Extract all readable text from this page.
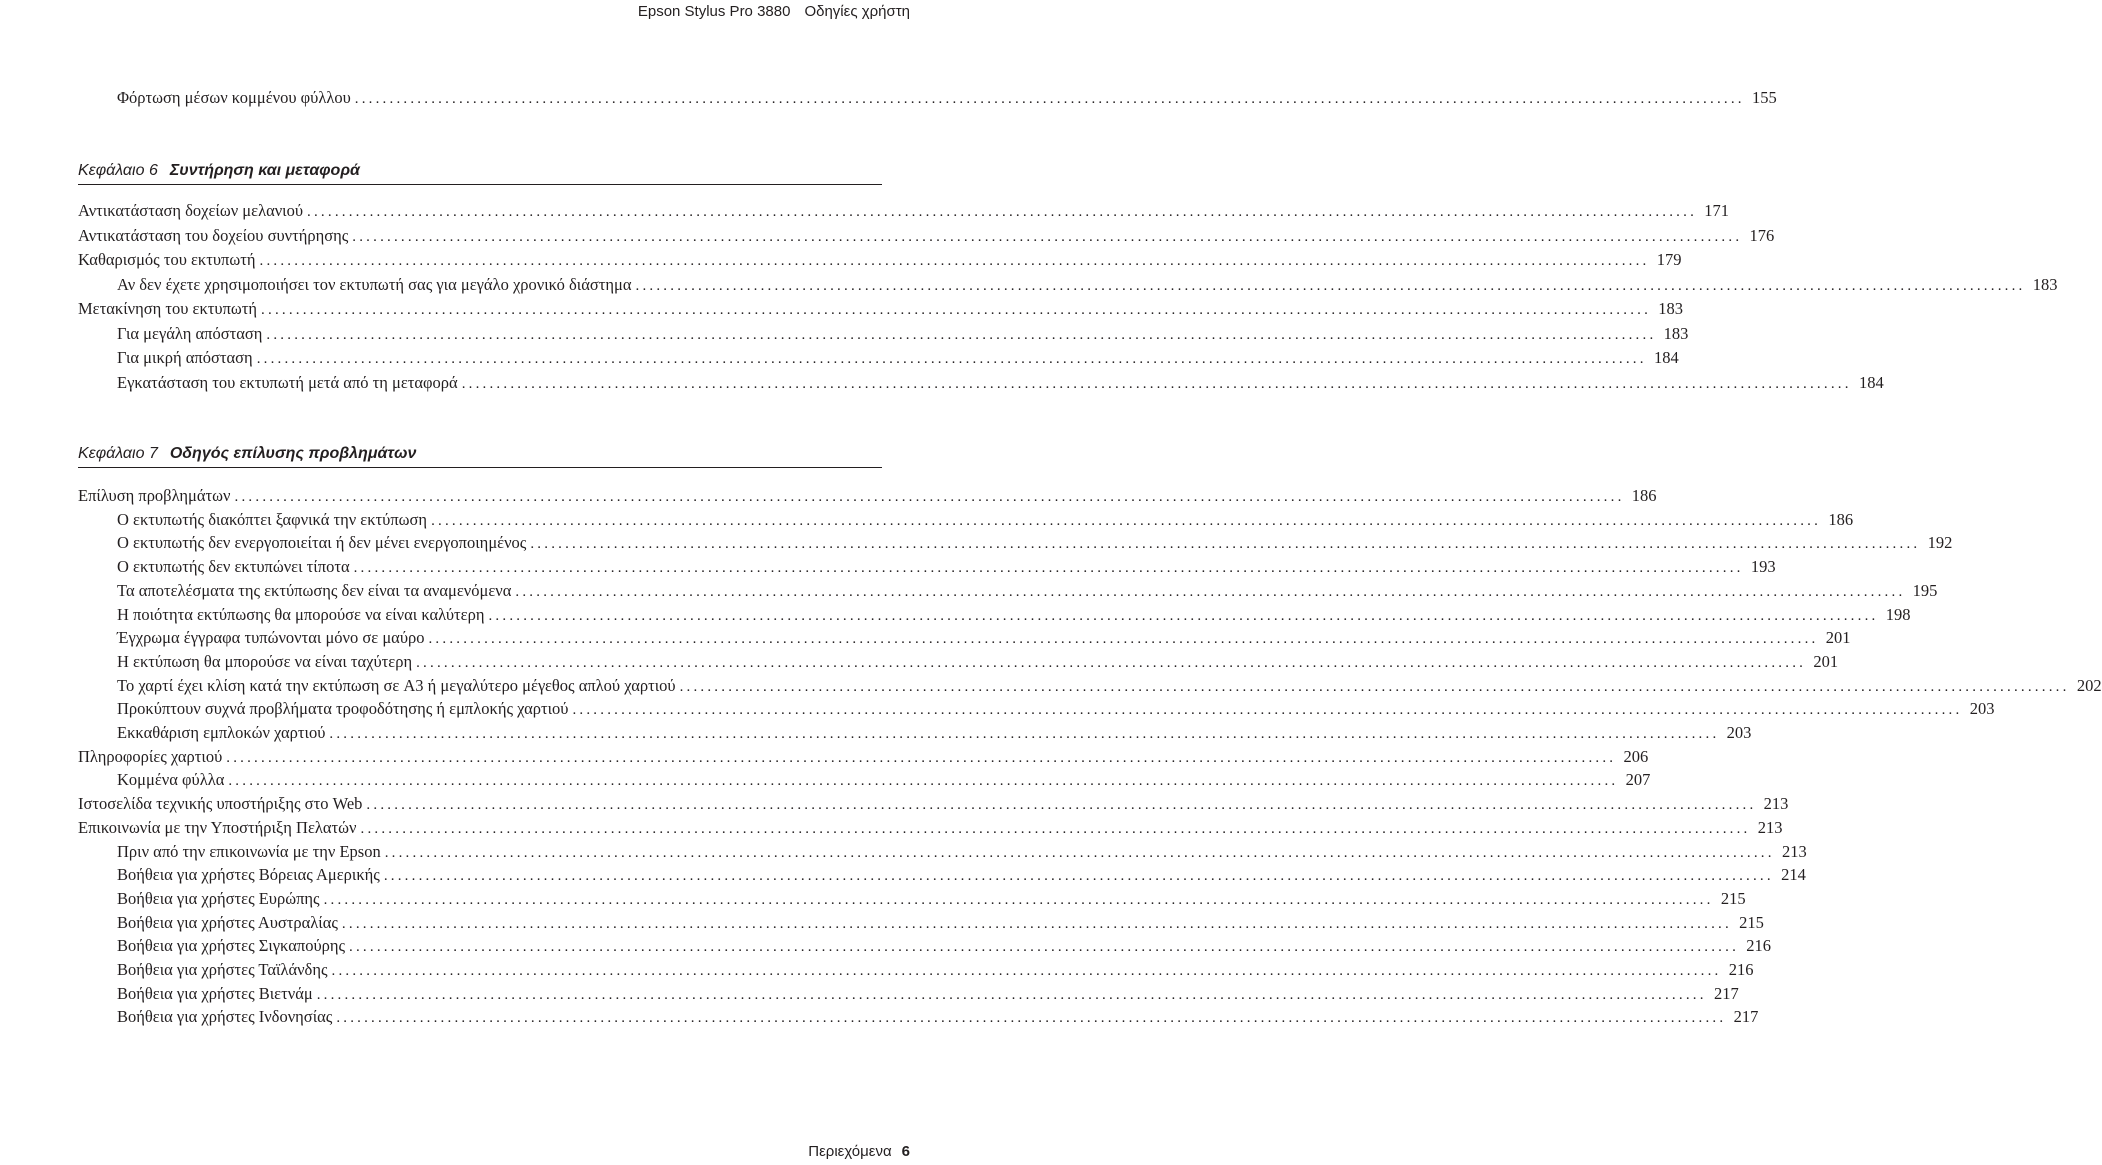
Epson Stylus Pro 3880 Οδηγίες χρήστη
Κεφάλαιο 6 Συντήρηση και μεταφορά
Κεφάλαιο 7 Οδηγός επίλυσης προβλημάτων
Φόρτωση μέσων κομμένου φύλλου ........................................................................................................................................................................................................ 155
Αντικατάσταση δοχείων μελανιού ........................................................................................................................................................................................................ 171
Αντικατάσταση του δοχείου συντήρησης ........................................................................................................................................................................................................ 176
Καθαρισμός του εκτυπωτή ........................................................................................................................................................................................................ 179
Αν δεν έχετε χρησιμοποιήσει τον εκτυπωτή σας για μεγάλο χρονικό διάστημα ........................................................................................................................................................................................................ 183
Μετακίνηση του εκτυπωτή ........................................................................................................................................................................................................ 183
Για μεγάλη απόσταση ........................................................................................................................................................................................................ 183
Για μικρή απόσταση ........................................................................................................................................................................................................ 184
Εγκατάσταση του εκτυπωτή μετά από τη μεταφορά ........................................................................................................................................................................................................ 184
Επίλυση προβλημάτων ........................................................................................................................................................................................................ 186
Ο εκτυπωτής διακόπτει ξαφνικά την εκτύπωση ........................................................................................................................................................................................................ 186
Ο εκτυπωτής δεν ενεργοποιείται ή δεν μένει ενεργοποιημένος ........................................................................................................................................................................................................ 192
Ο εκτυπωτής δεν εκτυπώνει τίποτα ........................................................................................................................................................................................................ 193
Τα αποτελέσματα της εκτύπωσης δεν είναι τα αναμενόμενα ........................................................................................................................................................................................................ 195
Η ποιότητα εκτύπωσης θα μπορούσε να είναι καλύτερη ........................................................................................................................................................................................................ 198
Έγχρωμα έγγραφα τυπώνονται μόνο σε μαύρο ........................................................................................................................................................................................................ 201
Η εκτύπωση θα μπορούσε να είναι ταχύτερη ........................................................................................................................................................................................................ 201
Το χαρτί έχει κλίση κατά την εκτύπωση σε A3 ή μεγαλύτερο μέγεθος απλού χαρτιού ........................................................................................................................................................................................................ 202
Προκύπτουν συχνά προβλήματα τροφοδότησης ή εμπλοκής χαρτιού ........................................................................................................................................................................................................ 203
Εκκαθάριση εμπλοκών χαρτιού ........................................................................................................................................................................................................ 203
Πληροφορίες χαρτιού ........................................................................................................................................................................................................ 206
Κομμένα φύλλα ........................................................................................................................................................................................................ 207
Ιστοσελίδα τεχνικής υποστήριξης στο Web ........................................................................................................................................................................................................ 213
Επικοινωνία με την Υποστήριξη Πελατών ........................................................................................................................................................................................................ 213
Πριν από την επικοινωνία με την Epson ........................................................................................................................................................................................................ 213
Βοήθεια για χρήστες Βόρειας Αμερικής ........................................................................................................................................................................................................ 214
Βοήθεια για χρήστες Ευρώπης ........................................................................................................................................................................................................ 215
Βοήθεια για χρήστες Αυστραλίας ........................................................................................................................................................................................................ 215
Βοήθεια για χρήστες Σιγκαπούρης ........................................................................................................................................................................................................ 216
Βοήθεια για χρήστες Ταϊλάνδης ........................................................................................................................................................................................................ 216
Βοήθεια για χρήστες Βιετνάμ ........................................................................................................................................................................................................ 217
Βοήθεια για χρήστες Ινδονησίας ........................................................................................................................................................................................................ 217
Περιεχόμενα 6
